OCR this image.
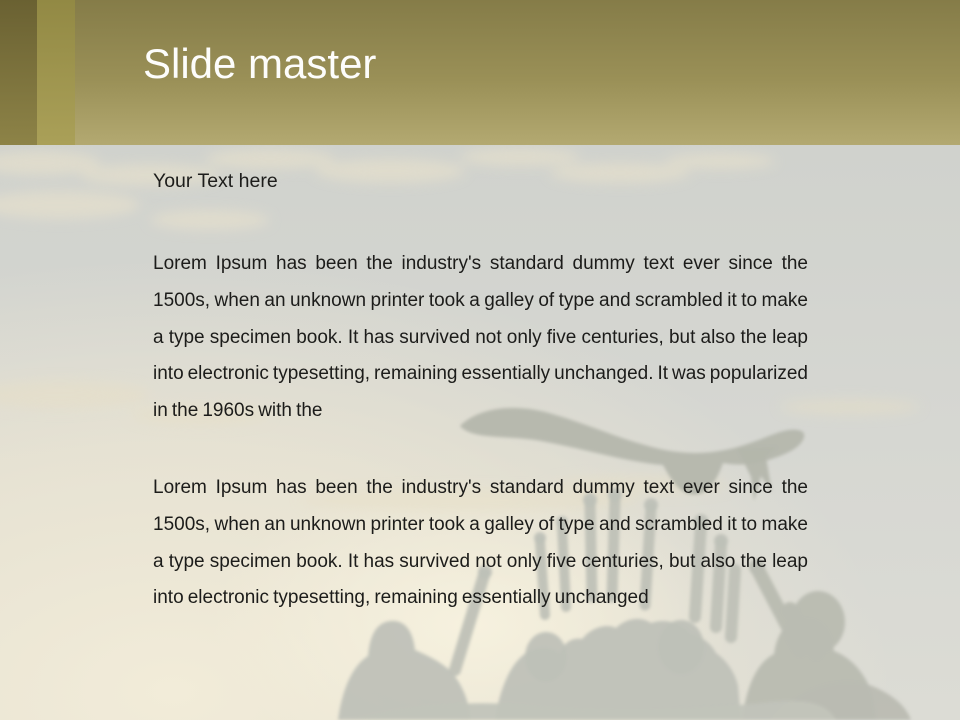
Slide master
Your Text here
Lorem Ipsum has been the industry's standard dummy text ever since the
1500s, when an unknown printer took a galley of type and scrambled it to make
a type specimen book. It has survived not only five centuries, but also the leap
into electronic typesetting, remaining essentially unchanged. It was popularized
in the 1960s with the
Lorem Ipsum has been the industry's standard dummy text ever since the
1500s, when an unknown printer took a galley of type and scrambled it to make
a type specimen book. It has survived not only five centuries, but also the leap
into electronic typesetting, remaining essentially unchanged
